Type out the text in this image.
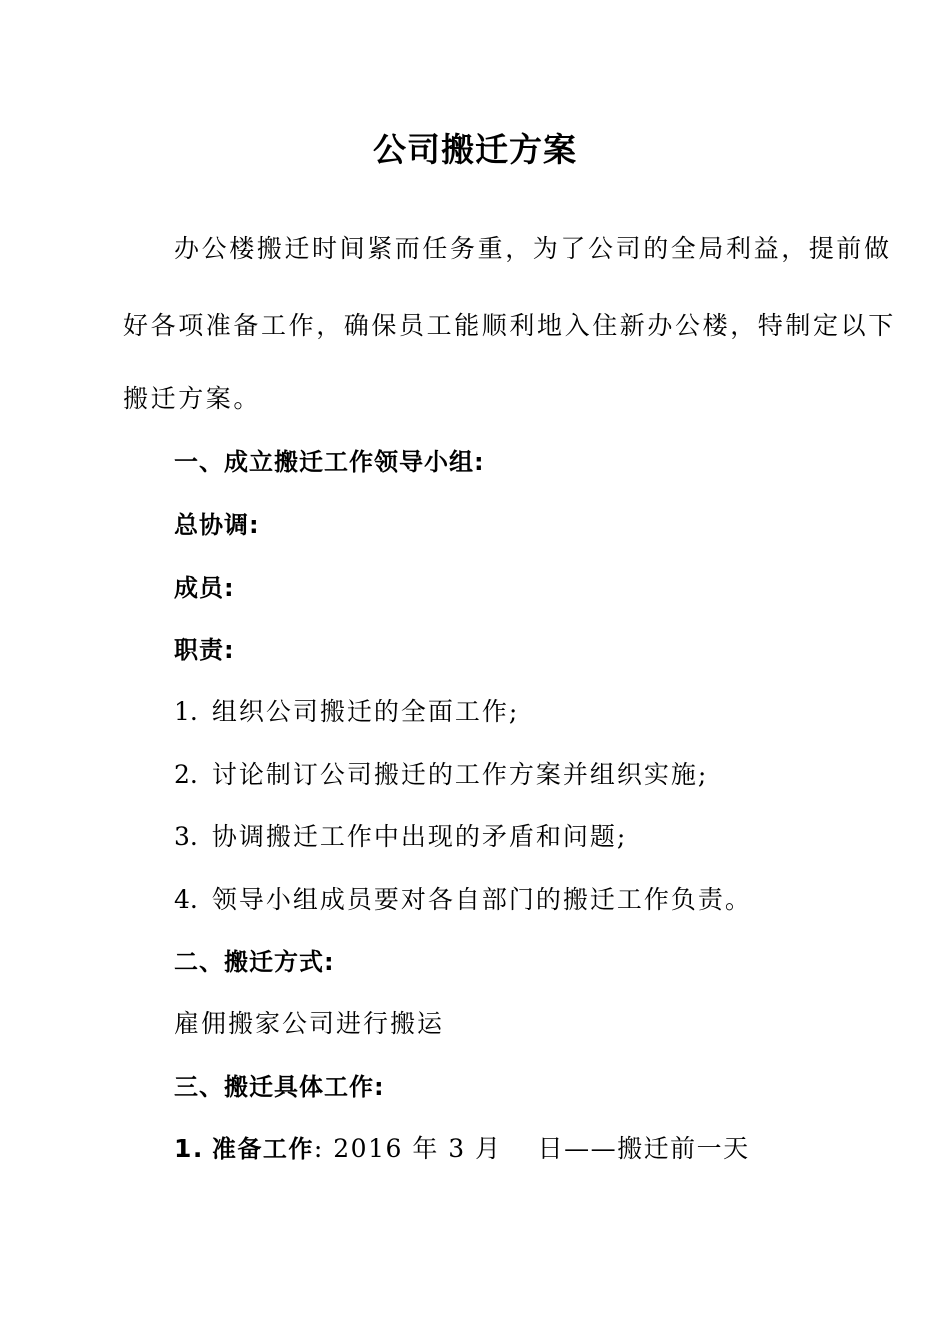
公司搬迁方案
办公楼搬迁时间紧而任务重，为了公司的全局利益，提前做
好各项准备工作，确保员工能顺利地入住新办公楼，特制定以下
搬迁方案。
一、成立搬迁工作领导小组:
总协调:
成员:
职责:
1. 组织公司搬迁的全面工作;
2. 讨论制订公司搬迁的工作方案并组织实施;
3. 协调搬迁工作中出现的矛盾和问题;
4. 领导小组成员要对各自部门的搬迁工作负责。
二、搬迁方式:
雇佣搬家公司进行搬运
三、搬迁具体工作:
1. 准备工作: 2016 年 3 月　 日——搬迁前一天
